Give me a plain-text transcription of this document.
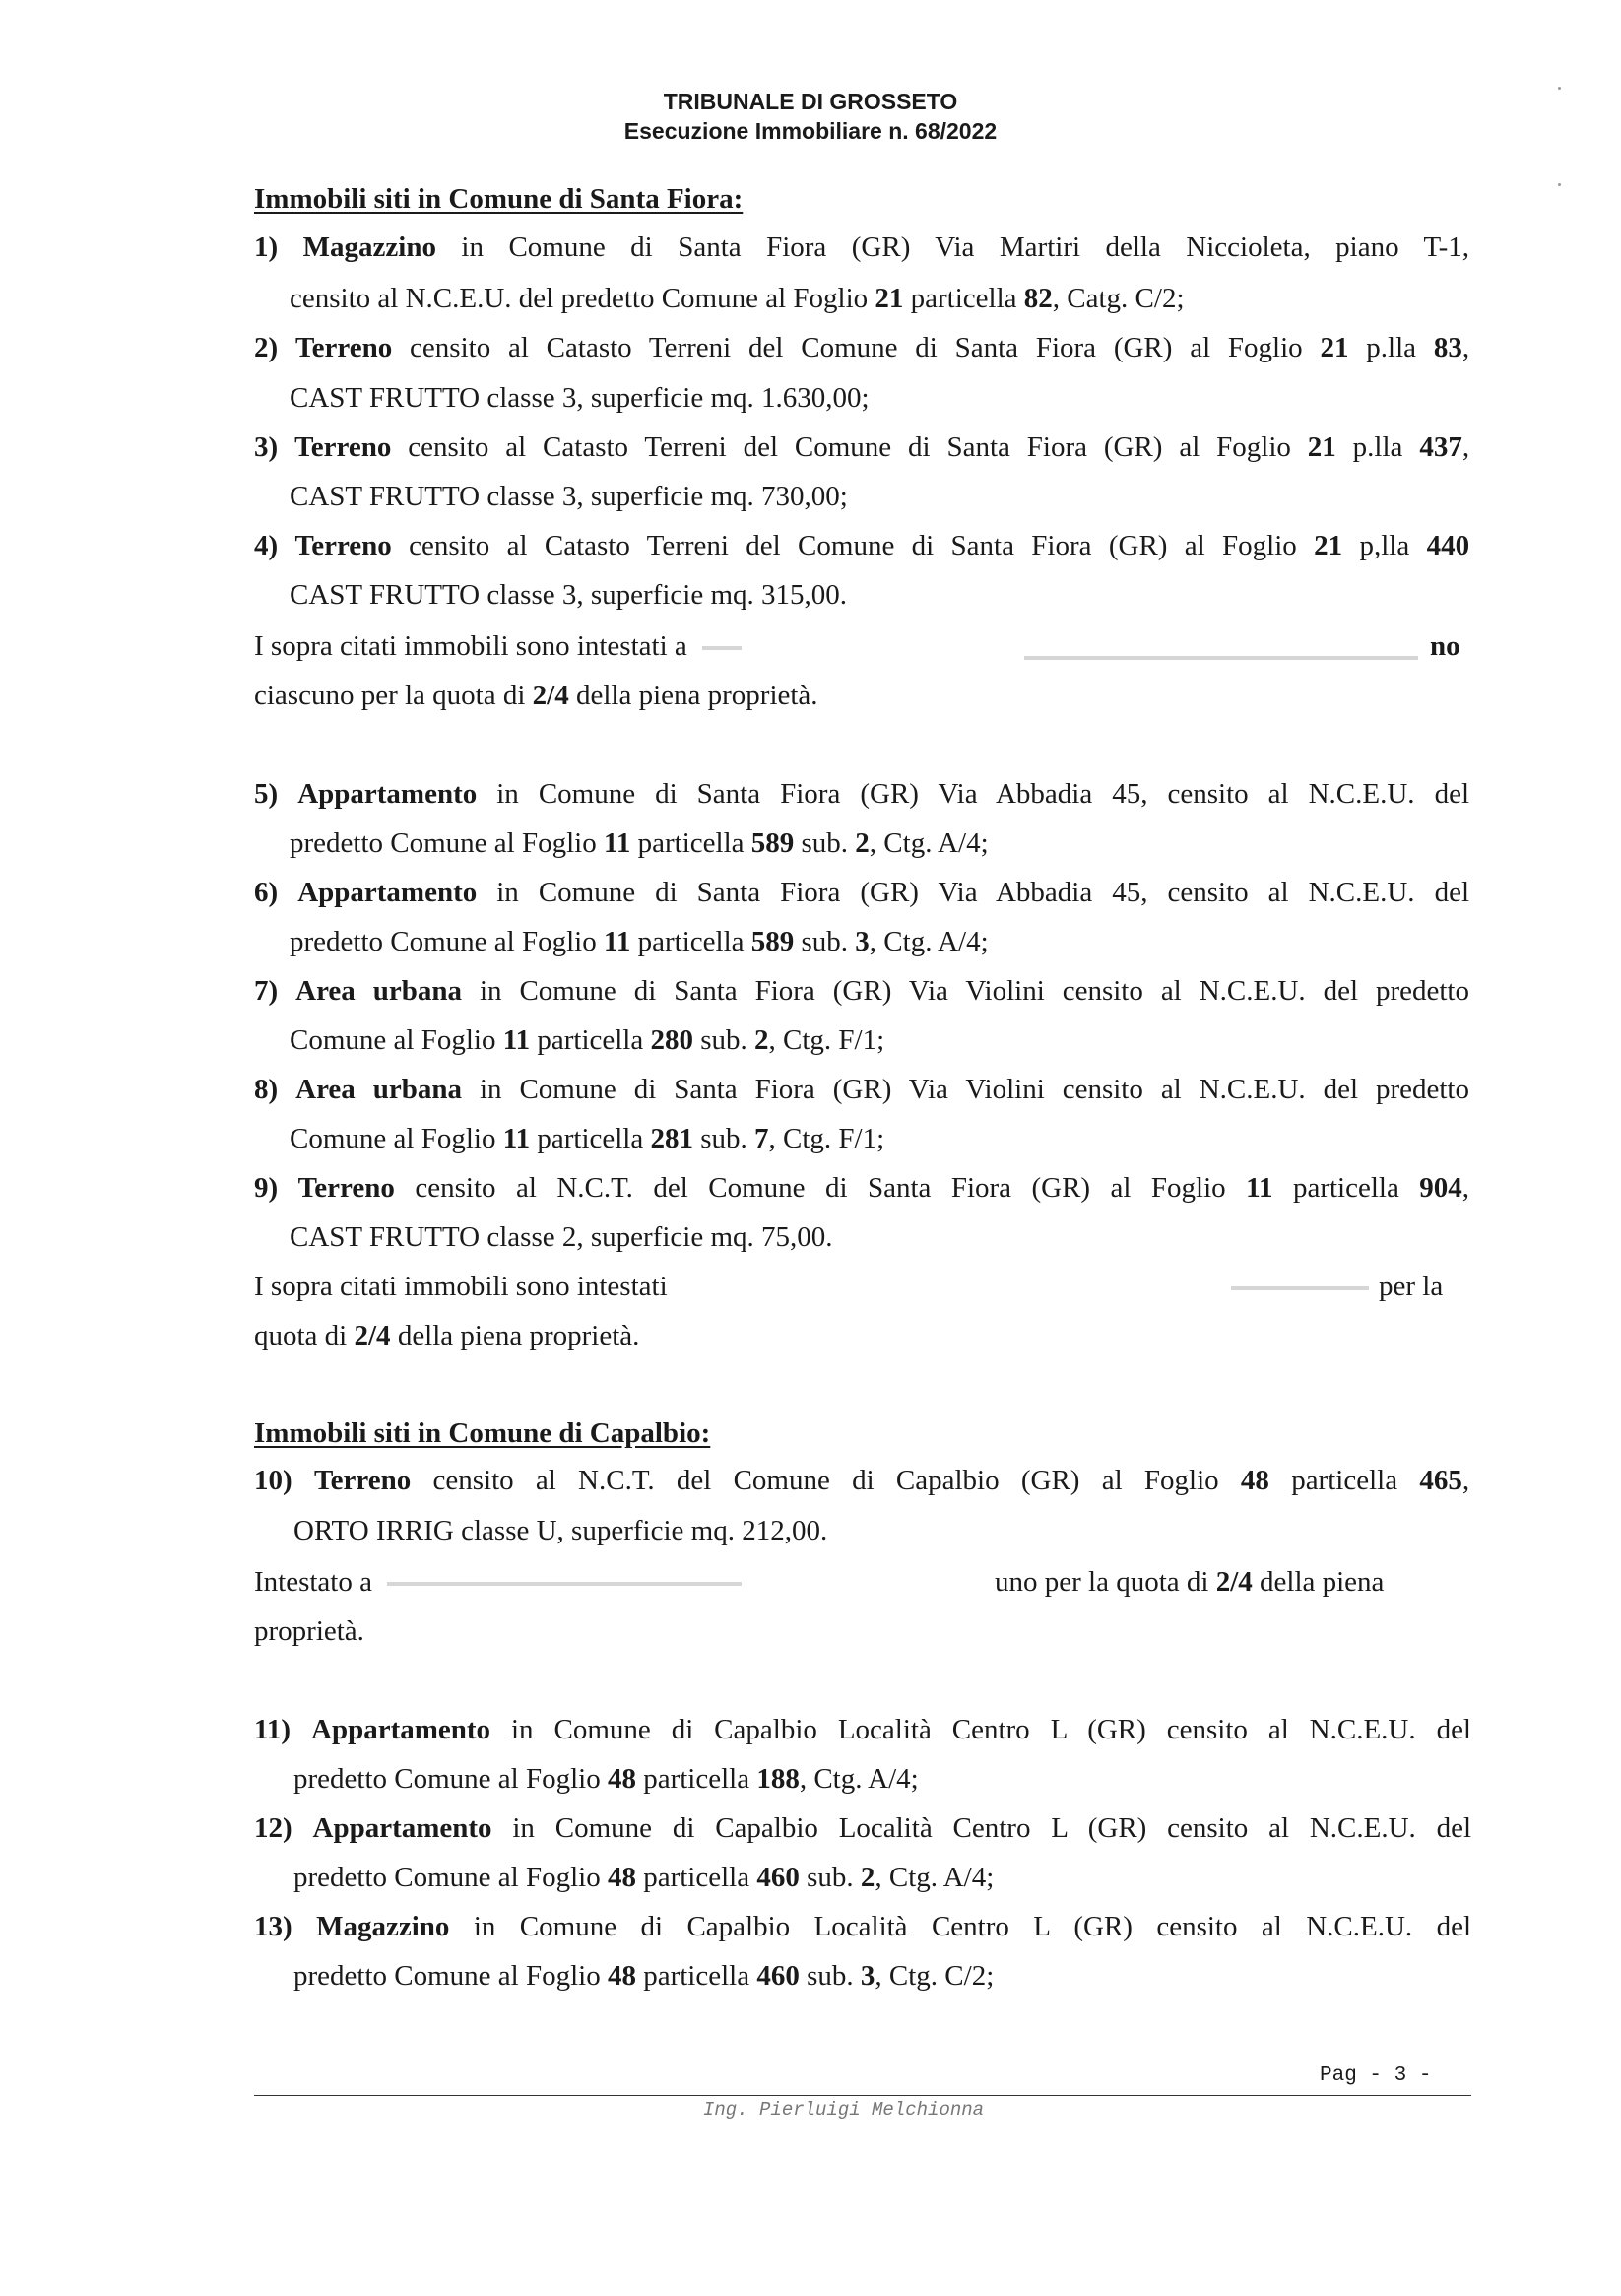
TRIBUNALE DI GROSSETO
Esecuzione Immobiliare n. 68/2022
Immobili siti in Comune di Santa Fiora:
1) Magazzino in Comune di Santa Fiora (GR) Via Martiri della Niccioleta, piano T-1,
censito al N.C.E.U. del predetto Comune al Foglio 21 particella 82, Catg. C/2;
2) Terreno censito al Catasto Terreni del Comune di Santa Fiora (GR) al Foglio 21 p.lla 83,
CAST FRUTTO classe 3, superficie mq. 1.630,00;
3) Terreno censito al Catasto Terreni del Comune di Santa Fiora (GR) al Foglio 21 p.lla 437,
CAST FRUTTO classe 3, superficie mq. 730,00;
4) Terreno censito al Catasto Terreni del Comune di Santa Fiora (GR) al Foglio 21 p,lla 440
CAST FRUTTO classe 3, superficie mq. 315,00.
I sopra citati immobili sono intestati a	no
ciascuno per la quota di 2/4 della piena proprietà.
5) Appartamento in Comune di Santa Fiora (GR) Via Abbadia 45, censito al N.C.E.U. del
predetto Comune al Foglio 11 particella 589 sub. 2, Ctg. A/4;
6) Appartamento in Comune di Santa Fiora (GR) Via Abbadia 45, censito al N.C.E.U. del
predetto Comune al Foglio 11 particella 589 sub. 3, Ctg. A/4;
7) Area urbana in Comune di Santa Fiora (GR) Via Violini censito al N.C.E.U. del predetto
Comune al Foglio 11 particella 280 sub. 2, Ctg. F/1;
8) Area urbana in Comune di Santa Fiora (GR) Via Violini censito al N.C.E.U. del predetto
Comune al Foglio 11 particella 281 sub. 7, Ctg. F/1;
9) Terreno censito al N.C.T. del Comune di Santa Fiora (GR) al Foglio 11 particella 904,
CAST FRUTTO classe 2, superficie mq. 75,00.
I sopra citati immobili sono intestati	per la
quota di 2/4 della piena proprietà.
Immobili siti in Comune di Capalbio:
10) Terreno censito al N.C.T. del Comune di Capalbio (GR) al Foglio 48 particella 465,
ORTO IRRIG classe U, superficie mq. 212,00.
Intestato a	uno per la quota di 2/4 della piena
proprietà.
11) Appartamento in Comune di Capalbio Località Centro L (GR) censito al N.C.E.U. del
predetto Comune al Foglio 48 particella 188, Ctg. A/4;
12) Appartamento in Comune di Capalbio Località Centro L (GR) censito al N.C.E.U. del
predetto Comune al Foglio 48 particella 460 sub. 2, Ctg. A/4;
13) Magazzino in Comune di Capalbio Località Centro L (GR) censito al N.C.E.U. del
predetto Comune al Foglio 48 particella 460 sub. 3, Ctg. C/2;
Pag - 3 -
Ing. Pierluigi Melchionna
